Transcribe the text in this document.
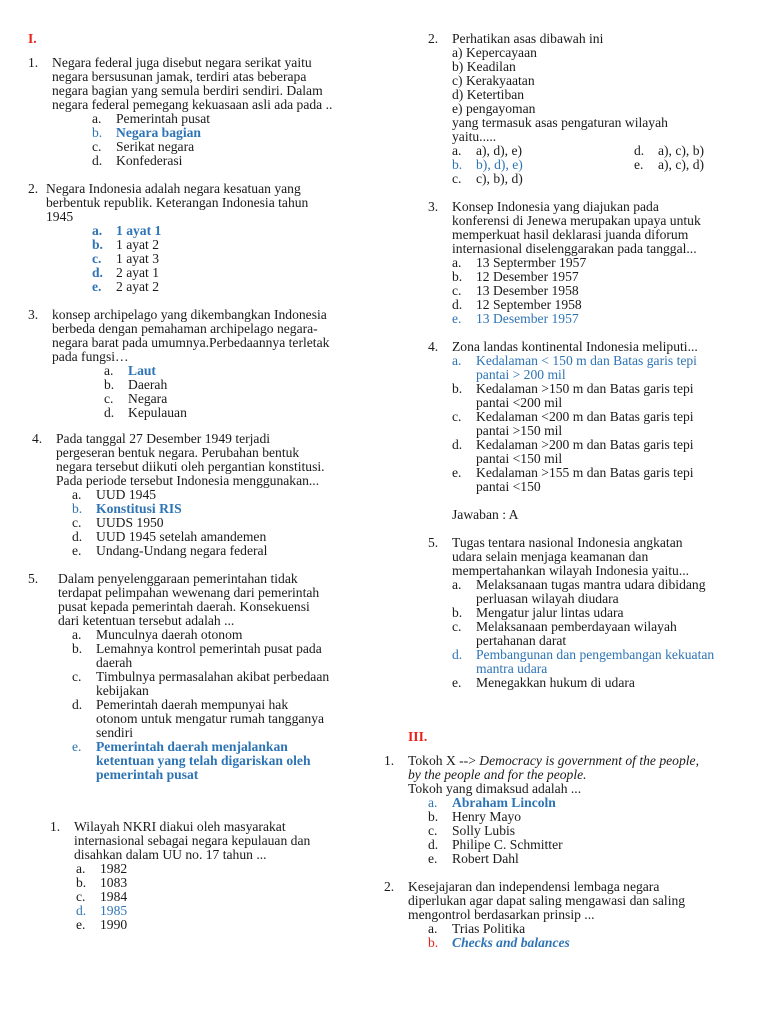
I.
III.
1. Negara federal juga disebut negara serikat yaitu
negara bersusunan jamak, terdiri atas beberapa
negara bagian yang semula berdiri sendiri. Dalam
negara federal pemegang kekuasaan asli ada pada ..
a.	Pemerintah pusat
b.	Negara bagian
c.	Serikat negara
d.	Konfederasi
2. Negara Indonesia adalah negara kesatuan yang
berbentuk republik. Keterangan Indonesia tahun
1945
a.	1 ayat 1
b. 1 ayat 2
c.	1 ayat 3
d. 2 ayat 1
e.	2 ayat 2
3. konsep archipelago yang dikembangkan Indonesia
berbeda dengan pemahaman archipelago negara-
negara barat pada umumnya.Perbedaannya terletak
pada fungsi…
a.	Laut
b.	Daerah
c.	Negara
d.	Kepulauan
4. Pada tanggal 27 Desember 1949 terjadi
pergeseran bentuk negara. Perubahan bentuk
negara tersebut diikuti oleh pergantian konstitusi.
Pada periode tersebut Indonesia menggunakan...
a.	UUD 1945
b.	Konstitusi RIS
c.	UUDS 1950
d.	UUD 1945 setelah amandemen
e.	Undang-Undang negara federal
5. Dalam penyelenggaraan pemerintahan tidak
terdapat pelimpahan wewenang dari pemerintah
pusat kepada pemerintah daerah. Konsekuensi
dari ketentuan tersebut adalah ...
a.	Munculnya daerah otonom
b.	Lemahnya kontrol pemerintah pusat pada
daerah
c.	Timbulnya permasalahan akibat perbedaan
kebijakan
d.	Pemerintah daerah mempunyai hak
otonom untuk mengatur rumah tangganya
sendiri
e.	Pemerintah daerah menjalankan
ketentuan yang telah digariskan oleh
pemerintah pusat
1. Wilayah NKRI diakui oleh masyarakat
internasional sebagai negara kepulauan dan
disahkan dalam UU no. 17 tahun ...
a.	1982
b.	1083
c.	1984
d.	1985
e.	1990
2. Perhatikan asas dibawah ini
a) Kepercayaan
b) Keadilan
c) Kerakyaatan
d) Ketertiban
e) pengayoman
yang termasuk asas pengaturan wilayah
yaitu.....
a.	a), d), e)	d.	a), c), b)
b.	b), d), e)	e.	a), c), d)
c.	c), b), d)
3. Konsep Indonesia yang diajukan pada
konferensi di Jenewa merupakan upaya untuk
memperkuat hasil deklarasi juanda diforum
internasional diselenggarakan pada tanggal...
a.	13 Septermber 1957
b.	12 Desember 1957
c.	13 Desember 1958
d.	12 September 1958
e.	13 Desember 1957
4. Zona landas kontinental Indonesia meliputi...
a.	Kedalaman < 150 m dan Batas garis tepi
pantai > 200 mil
b.	Kedalaman >150 m dan Batas garis tepi
pantai <200 mil
c.	Kedalaman <200 m dan Batas garis tepi
pantai >150 mil
d.	Kedalaman >200 m dan Batas garis tepi
pantai <150 mil
e.	Kedalaman >155 m dan Batas garis tepi
pantai <150
Jawaban : A
5. Tugas tentara nasional Indonesia angkatan
udara selain menjaga keamanan dan
mempertahankan wilayah Indonesia yaitu...
a.	Melaksanaan tugas mantra udara dibidang
perluasan wilayah diudara
b.	Mengatur jalur lintas udara
c.	Melaksanaan pemberdayaan wilayah
pertahanan darat
d.	Pembangunan dan pengembangan kekuatan
mantra udara
e.	Menegakkan hukum di udara
1. Tokoh X --> Democracy is government of the people,
by the people and for the people.
Tokoh yang dimaksud adalah ...
a.	Abraham Lincoln
b.	Henry Mayo
c.	Solly Lubis
d.	Philipe C. Schmitter
e.	Robert Dahl
2. Kesejajaran dan independensi lembaga negara
diperlukan agar dapat saling mengawasi dan saling
mengontrol berdasarkan prinsip ...
a.	Trias Politika
b.	Checks and balances
